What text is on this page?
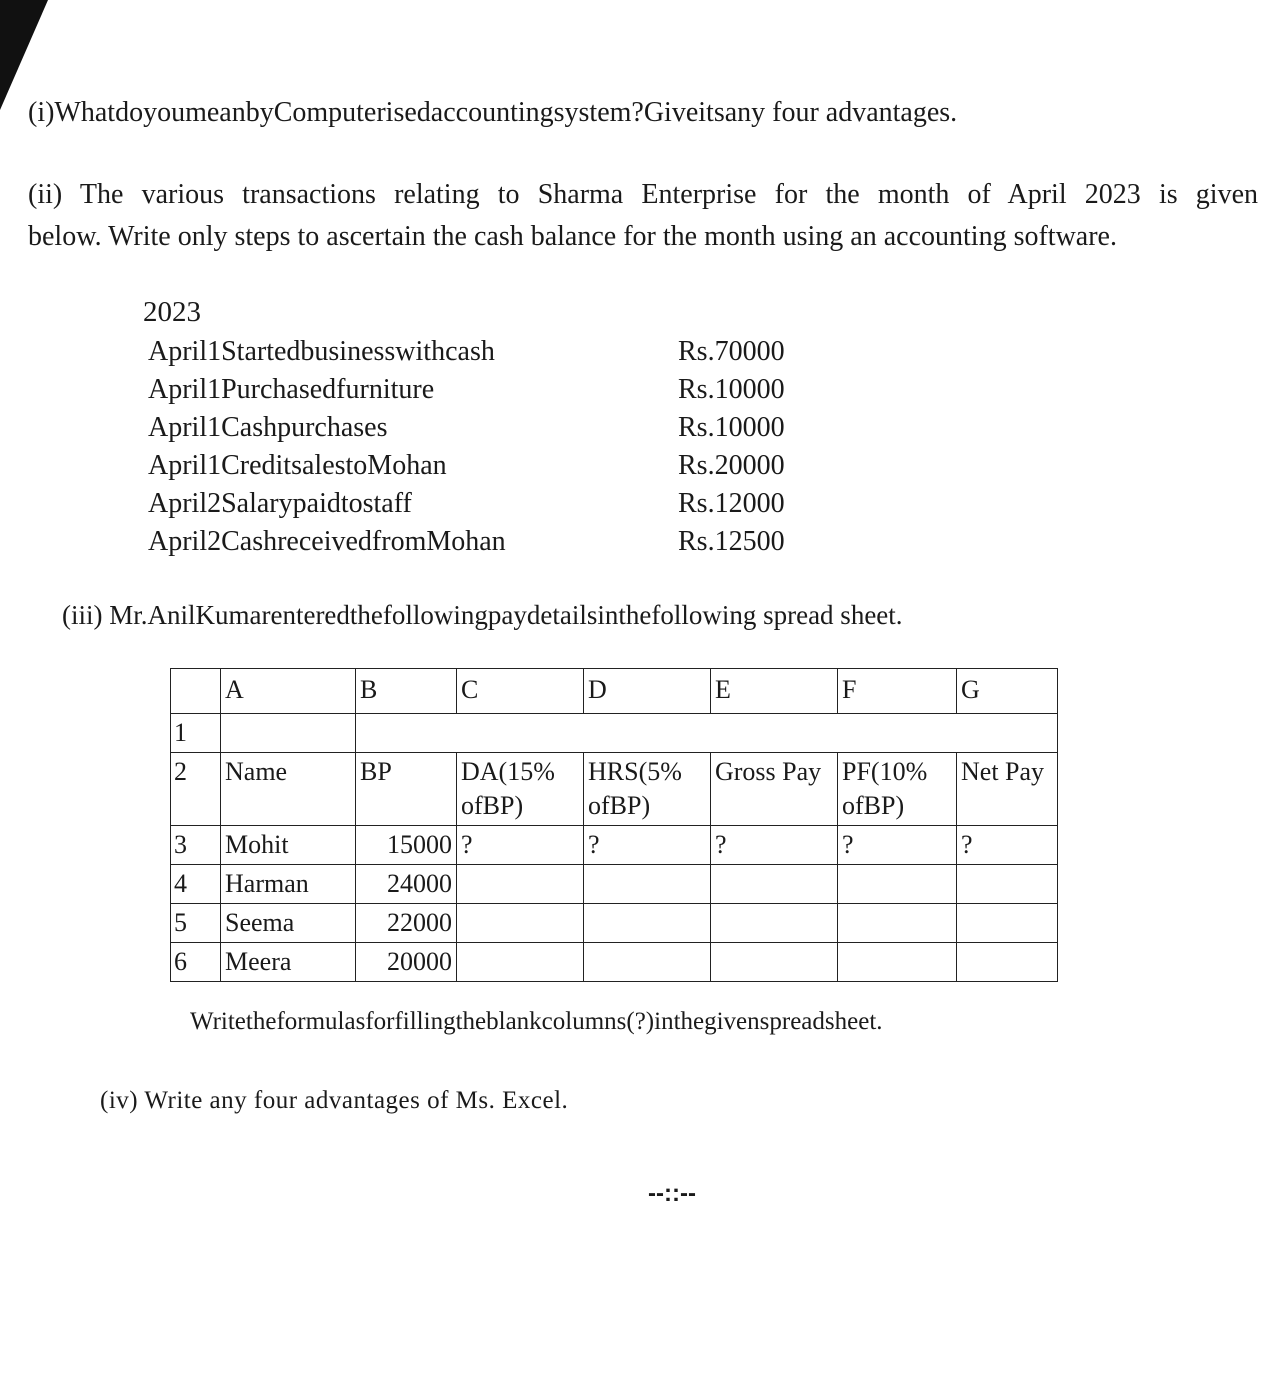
(i)WhatdoyoumeanbyComputerisedaccountingsystem?Giveitsany four advantages.

(ii) The various transactions relating to Sharma Enterprise for the month of April 2023 is given
below. Write only steps to ascertain the cash balance for the month using an accounting software.

2023
April1Startedbusinesswithcash	Rs.70000
April1Purchasedfurniture	Rs.10000
April1Cashpurchases	Rs.10000
April1CreditsalestoMohan	Rs.20000
April2Salarypaidtostaff	Rs.12000
April2CashreceivedfromMohan	Rs.12500

(iii) Mr.AnilKumarenteredthefollowingpaydetailsinthefollowing spread sheet.

	A	B	C	D	E	F	G
1							
2	Name	BP	DA(15% ofBP)	HRS(5% ofBP)	Gross Pay	PF(10% ofBP)	Net Pay
3	Mohit	15000	?	?	?	?	?
4	Harman	24000					
5	Seema	22000					
6	Meera	20000					
Writetheformulasforfillingtheblankcolumns(?)inthegivenspreadsheet.

(iv) Write any four advantages of Ms. Excel.

--::--
